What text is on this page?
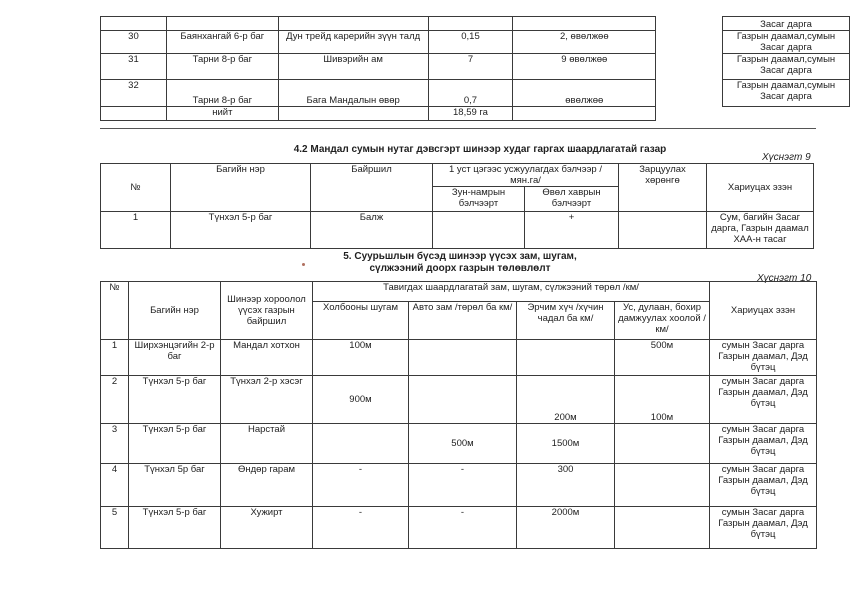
						Засаг дарга
30	Баянхангай 6-р баг	Дун трейд карерийн зүүн талд	0,15	2, өвөлжөө		Газрын даамал,сумын Засаг дарга
31	Тарни 8-р баг	Шивэрийн ам	7	9 өвөлжөө		Газрын даамал,сумын Засаг дарга
32	Тарни 8-р баг	Бага Мандалын өвөр	0,7	өвөлжөө		Газрын даамал,сумын Засаг дарга
	нийт		18,59 га			
4.2 Мандал сумын нутаг дэвсгэрт шинээр худаг гаргах шаардлагатай газар
Хүснэгт 9
№	Багийн нэр	Байршил	1 уст цэгээс усжуулагдах бэлчээр /мян.га/		Зарцуулах хөрөнгө	Хариуцах эзэн
			Зун-намрын бэлчээрт	Өвөл хаврын бэлчээрт		
1	Түнхэл 5-р баг	Балж		+		Сум, багийн Засаг дарга, Газрын даамал ХАА-н тасаг
5. Суурьшлын бүсэд шинээр үүсэх зам, шугам,
сүлжээний доорх газрын төлөвлөлт
Хүснэгт 10
№	Багийн нэр	Шинээр хороолол үүсэх газрын байршил	Тавигдах шаардлагатай зам, шугам, сүлжээний төрөл /км/				Хариуцах эзэн
			Холбооны шугам	Авто зам /төрөл ба км/	Эрчим хүч /хүчин чадал ба км/	Ус, дулаан, бохир дамжуулах хоолой /км/	
1	Ширхэнцэгийн 2-р баг	Мандал хотхон	100м			500м	сумын Засаг дарга Газрын даамал, Дэд бүтэц
2	Түнхэл 5-р баг	Түнхэл 2-р хэсэг	900м		200м	100м	сумын Засаг дарга Газрын даамал, Дэд бүтэц
3	Түнхэл 5-р баг	Нарстай		500м	1500м		сумын Засаг дарга Газрын даамал, Дэд бүтэц
4	Түнхэл 5р баг	Өндөр гарам	-	-	300		сумын Засаг дарга Газрын даамал, Дэд бүтэц
5	Түнхэл 5-р баг	Хужирт	-	-	2000м		сумын Засаг дарга Газрын даамал, Дэд бүтэц
